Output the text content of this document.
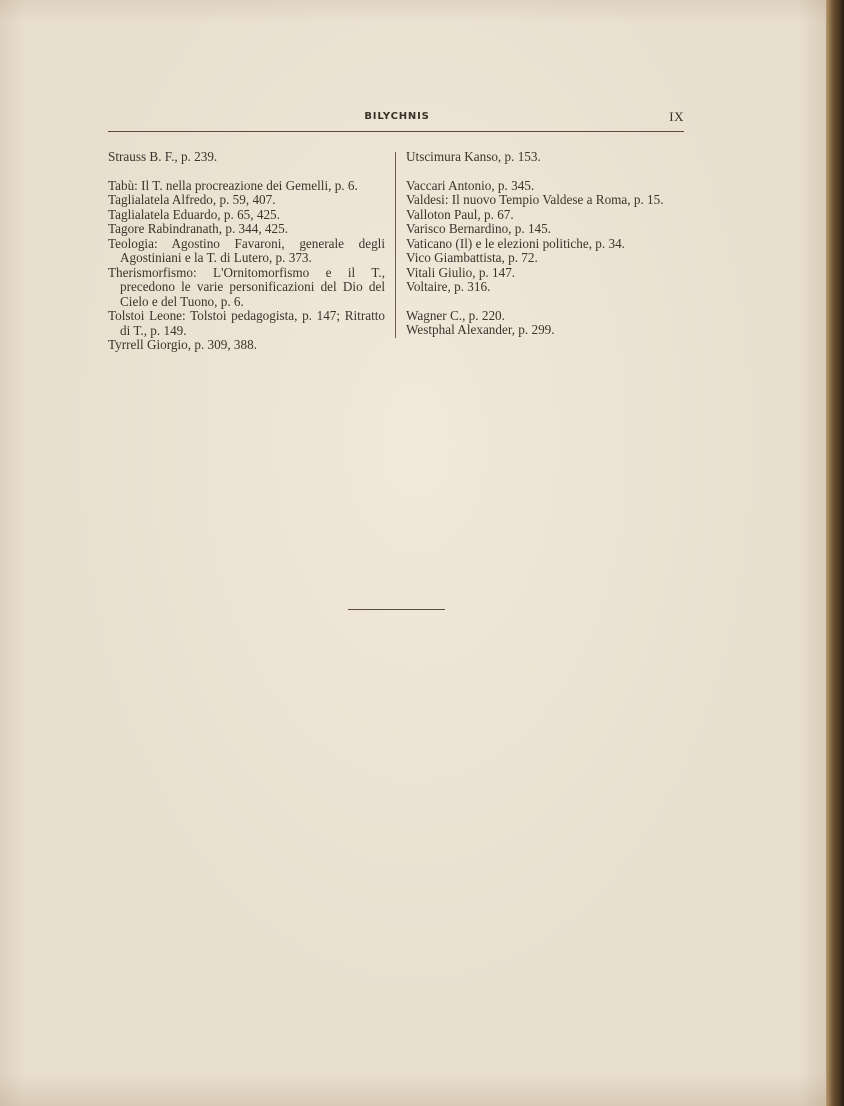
BILYCHNIS	IX
Strauss B. F., p. 239.
Tabù: Il T. nella procreazione dei Gemelli, p. 6.
Taglialatela Alfredo, p. 59, 407.
Taglialatela Eduardo, p. 65, 425.
Tagore Rabindranath, p. 344, 425.
Teologia: Agostino Favaroni, generale degli Agostiniani e la T. di Lutero, p. 373.
Therismorfismo: L'Ornitomorfismo e il T., precedono le varie personificazioni del Dio del Cielo e del Tuono, p. 6.
Tolstoi Leone: Tolstoi pedagogista, p. 147; Ritratto di T., p. 149.
Tyrrell Giorgio, p. 309, 388.
Utscimura Kanso, p. 153.
Vaccari Antonio, p. 345.
Valdesi: Il nuovo Tempio Valdese a Roma, p. 15.
Valloton Paul, p. 67.
Varisco Bernardino, p. 145.
Vaticano (Il) e le elezioni politiche, p. 34.
Vico Giambattista, p. 72.
Vitali Giulio, p. 147.
Voltaire, p. 316.
Wagner C., p. 220.
Westphal Alexander, p. 299.
